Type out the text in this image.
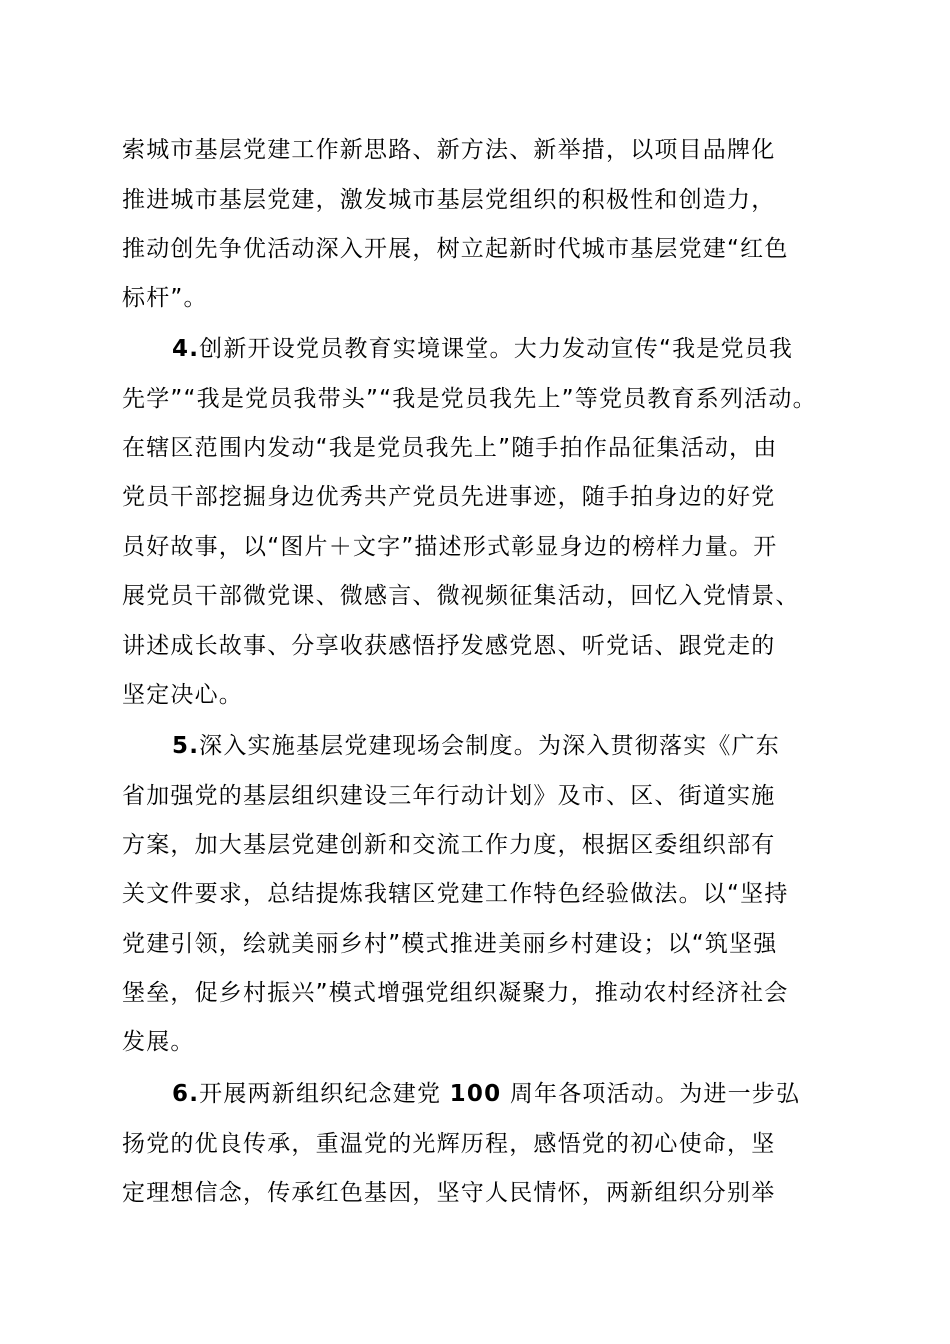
索城市基层党建工作新思路、新方法、新举措，以项目品牌化
推进城市基层党建，激发城市基层党组织的积极性和创造力，
推动创先争优活动深入开展，树立起新时代城市基层党建“红色
标杆”。
4.创新开设党员教育实境课堂。大力发动宣传“我是党员我
先学”“我是党员我带头”“我是党员我先上”等党员教育系列活动。
在辖区范围内发动“我是党员我先上”随手拍作品征集活动，由
党员干部挖掘身边优秀共产党员先进事迹，随手拍身边的好党
员好故事，以“图片＋文字”描述形式彰显身边的榜样力量。开
展党员干部微党课、微感言、微视频征集活动，回忆入党情景、
讲述成长故事、分享收获感悟抒发感党恩、听党话、跟党走的
坚定决心。
5.深入实施基层党建现场会制度。为深入贯彻落实《广东
省加强党的基层组织建设三年行动计划》及市、区、街道实施
方案，加大基层党建创新和交流工作力度，根据区委组织部有
关文件要求，总结提炼我辖区党建工作特色经验做法。以“坚持
党建引领，绘就美丽乡村”模式推进美丽乡村建设；以“筑坚强
堡垒，促乡村振兴”模式增强党组织凝聚力，推动农村经济社会
发展。
6.开展两新组织纪念建党 100 周年各项活动。为进一步弘
扬党的优良传承，重温党的光辉历程，感悟党的初心使命，坚
定理想信念，传承红色基因，坚守人民情怀，两新组织分别举
